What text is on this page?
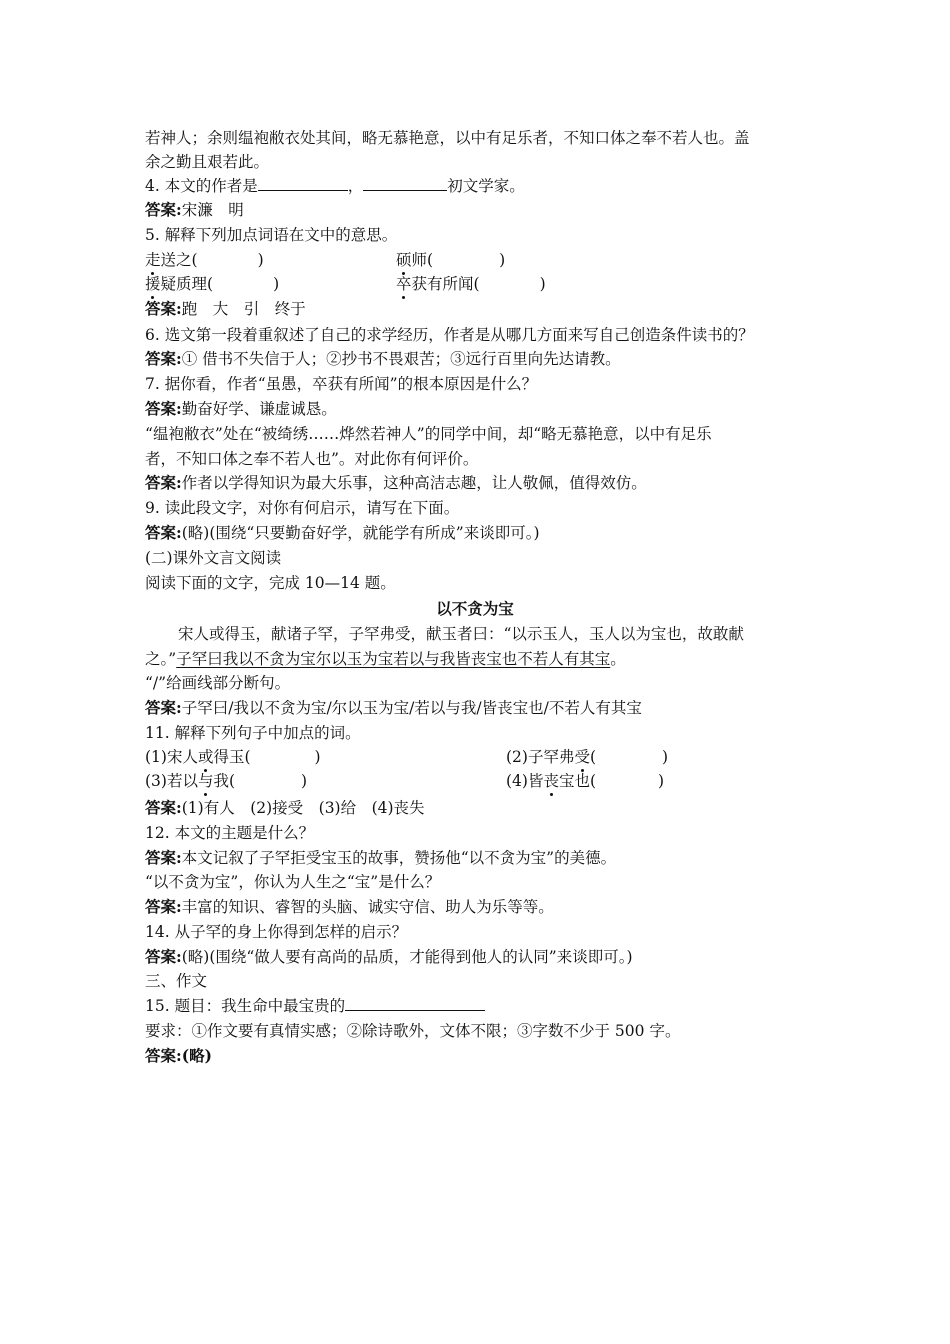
若神人；余则缊袍敝衣处其间，略无慕艳意，以中有足乐者，不知口体之奉不若人也。盖
余之勤且艰若此。
4. 本文的作者是	，	初文学家。
答案:宋濂　明
5. 解释下列加点词语在文中的意思。
走送之(	)	硕师(	)
援疑质理(	)	卒获有所闻(	)
答案:跑　大　引　终于
6. 选文第一段着重叙述了自己的求学经历，作者是从哪几方面来写自己创造条件读书的？
答案:① 借书不失信于人；②抄书不畏艰苦；③远行百里向先达请教。
7. 据你看，作者“虽愚，卒获有所闻”的根本原因是什么？
答案:勤奋好学、谦虚诚恳。
“缊袍敝衣”处在“被绮绣……烨然若神人”的同学中间，却“略无慕艳意，以中有足乐
者，不知口体之奉不若人也”。对此你有何评价。
答案:作者以学得知识为最大乐事，这种高洁志趣，让人敬佩，值得效仿。
9. 读此段文字，对你有何启示，请写在下面。
答案:(略)(围绕“只要勤奋好学，就能学有所成”来谈即可。)
(二)课外文言文阅读
阅读下面的文字，完成 10—14 题。
以不贪为宝
宋人或得玉，献诸子罕，子罕弗受，献玉者曰：“以示玉人，玉人以为宝也，故敢献
之。”子罕曰我以不贪为宝尔以玉为宝若以与我皆丧宝也不若人有其宝。
“/”给画线部分断句。
答案:子罕曰/我以不贪为宝/尔以玉为宝/若以与我/皆丧宝也/不若人有其宝
11. 解释下列句子中加点的词。
(1)宋人或得玉(	)	(2)子罕弗受(	)
(3)若以与我(	)	(4)皆丧宝也(	)
答案:(1)有人　(2)接受　(3)给　(4)丧失
12. 本文的主题是什么？
答案:本文记叙了子罕拒受宝玉的故事，赞扬他“以不贪为宝”的美德。
“以不贪为宝”，你认为人生之“宝”是什么？
答案:丰富的知识、睿智的头脑、诚实守信、助人为乐等等。
14. 从子罕的身上你得到怎样的启示？
答案:(略)(围绕“做人要有高尚的品质，才能得到他人的认同”来谈即可。)
三、作文
15. 题目：我生命中最宝贵的
要求：①作文要有真情实感；②除诗歌外，文体不限；③字数不少于 500 字。
答案:(略)
